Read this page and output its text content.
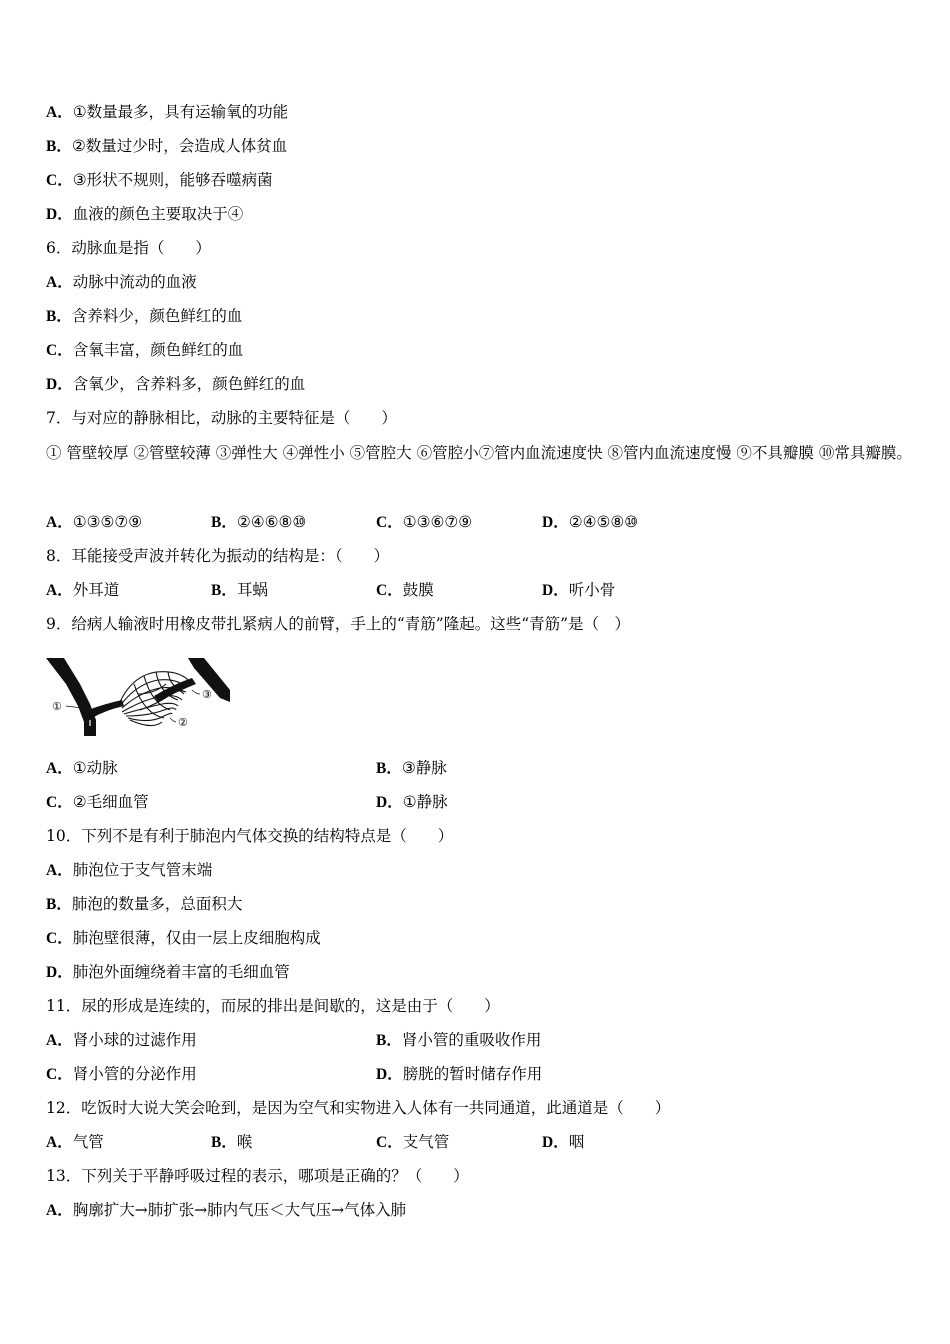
A．①数量最多，具有运输氧的功能
B．②数量过少时，会造成人体贫血
C．③形状不规则，能够吞噬病菌
D．血液的颜色主要取决于④
6．动脉血是指（　　）
A．动脉中流动的血液
B．含养料少，颜色鲜红的血
C．含氧丰富，颜色鲜红的血
D．含氧少，含养料多，颜色鲜红的血
7．与对应的静脉相比，动脉的主要特征是（　　）
① 管壁较厚 ②管壁较薄 ③弹性大 ④弹性小 ⑤管腔大 ⑥管腔小⑦管内血流速度快 ⑧管内血流速度慢 ⑨不具瓣膜 ⑩常具瓣膜。
A．①③⑤⑦⑨	B．②④⑥⑧⑩	C．①③⑥⑦⑨	D．②④⑤⑧⑩
8．耳能接受声波并转化为振动的结构是：（　　）
A．外耳道	B．耳蜗	C．鼓膜	D．听小骨
9．给病人输液时用橡皮带扎紧病人的前臂，手上的“青筋”隆起。这些“青筋”是（　）
①
②
③
A．①动脉	B．③静脉
C．②毛细血管	D．①静脉
10．下列不是有利于肺泡内气体交换的结构特点是（　　）
A．肺泡位于支气管末端
B．肺泡的数量多，总面积大
C．肺泡壁很薄，仅由一层上皮细胞构成
D．肺泡外面缠绕着丰富的毛细血管
11．尿的形成是连续的，而尿的排出是间歇的，这是由于（　　）
A．肾小球的过滤作用	B．肾小管的重吸收作用
C．肾小管的分泌作用	D．膀胱的暂时储存作用
12．吃饭时大说大笑会呛到，是因为空气和实物进入人体有一共同通道，此通道是（　　）
A．气管	B．喉	C．支气管	D．咽
13．下列关于平静呼吸过程的表示，哪项是正确的？（　　）
A．胸廓扩大→肺扩张→肺内气压＜大气压→气体入肺
